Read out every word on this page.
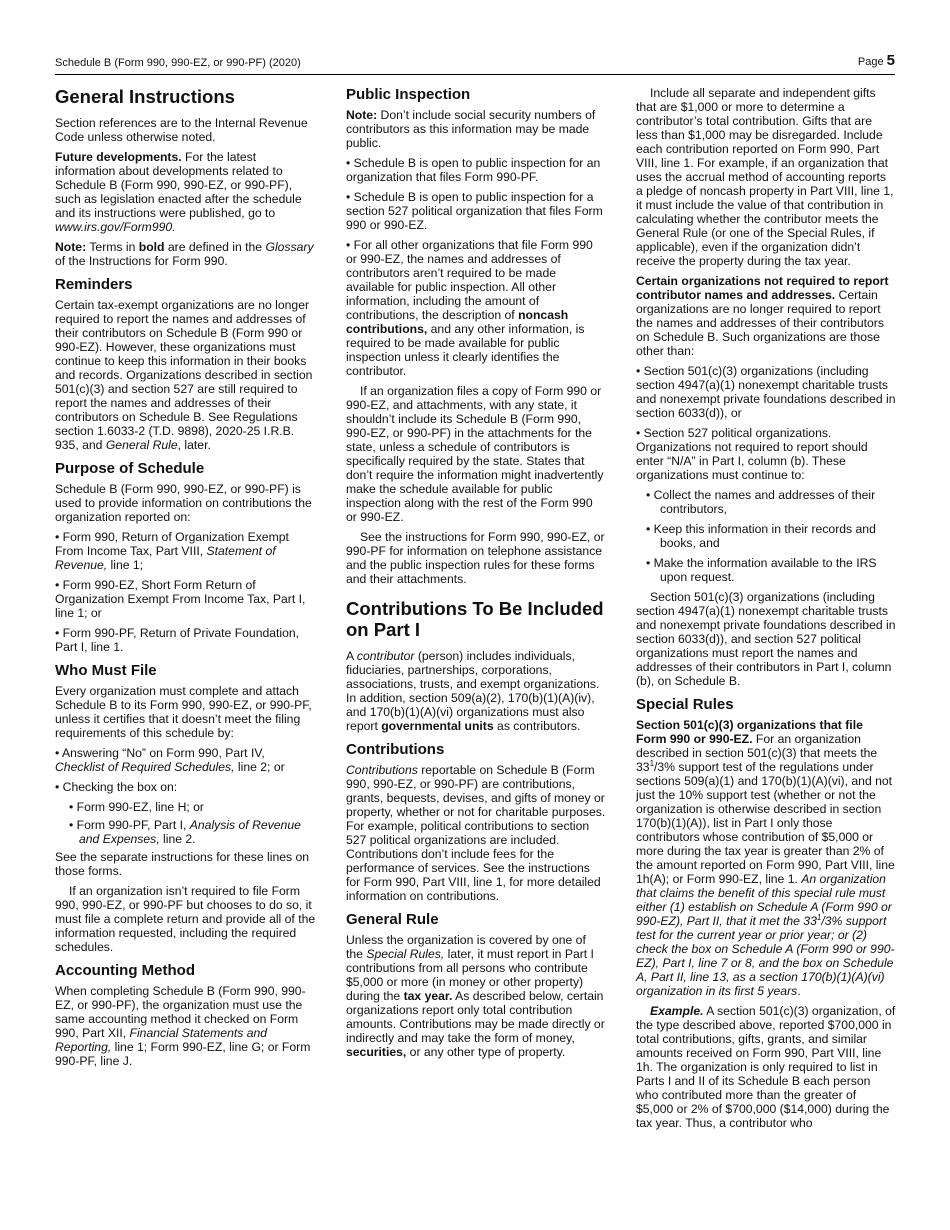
Schedule B (Form 990, 990-EZ, or 990-PF) (2020)	Page 5
General Instructions

Section references are to the Internal Revenue Code unless otherwise noted.

Future developments. For the latest information about developments related to Schedule B (Form 990, 990-EZ, or 990-PF), such as legislation enacted after the schedule and its instructions were published, go to www.irs.gov/Form990.

Note: Terms in bold are defined in the Glossary of the Instructions for Form 990.

Reminders

Certain tax-exempt organizations are no longer required to report the names and addresses of their contributors on Schedule B (Form 990 or 990-EZ). However, these organizations must continue to keep this information in their books and records. Organizations described in section 501(c)(3) and section 527 are still required to report the names and addresses of their contributors on Schedule B. See Regulations section 1.6033-2 (T.D. 9898), 2020-25 I.R.B. 935, and General Rule, later.

Purpose of Schedule

Schedule B (Form 990, 990-EZ, or 990-PF) is used to provide information on contributions the organization reported on:

• Form 990, Return of Organization Exempt From Income Tax, Part VIII, Statement of Revenue, line 1;

• Form 990-EZ, Short Form Return of Organization Exempt From Income Tax, Part I, line 1; or

• Form 990-PF, Return of Private Foundation, Part I, line 1.

Who Must File

Every organization must complete and attach Schedule B to its Form 990, 990-EZ, or 990-PF, unless it certifies that it doesn’t meet the filing requirements of this schedule by:

• Answering “No” on Form 990, Part IV, Checklist of Required Schedules, line 2; or

• Checking the box on:

• Form 990-EZ, line H; or

• Form 990-PF, Part I, Analysis of Revenue and Expenses, line 2.

See the separate instructions for these lines on those forms.

If an organization isn’t required to file Form 990, 990-EZ, or 990-PF but chooses to do so, it must file a complete return and provide all of the information requested, including the required schedules.

Accounting Method

When completing Schedule B (Form 990, 990-EZ, or 990-PF), the organization must use the same accounting method it checked on Form 990, Part XII, Financial Statements and Reporting, line 1; Form 990-EZ, line G; or Form 990-PF, line J.

Public Inspection

Note: Don’t include social security numbers of contributors as this information may be made public.

• Schedule B is open to public inspection for an organization that files Form 990-PF.

• Schedule B is open to public inspection for a section 527 political organization that files Form 990 or 990-EZ.

• For all other organizations that file Form 990 or 990-EZ, the names and addresses of contributors aren’t required to be made available for public inspection. All other information, including the amount of contributions, the description of noncash contributions, and any other information, is required to be made available for public inspection unless it clearly identifies the contributor.

If an organization files a copy of Form 990 or 990-EZ, and attachments, with any state, it shouldn’t include its Schedule B (Form 990, 990-EZ, or 990-PF) in the attachments for the state, unless a schedule of contributors is specifically required by the state. States that don’t require the information might inadvertently make the schedule available for public inspection along with the rest of the Form 990 or 990-EZ.

See the instructions for Form 990, 990-EZ, or 990-PF for information on telephone assistance and the public inspection rules for these forms and their attachments.

Contributions To Be Included on Part I

A contributor (person) includes individuals, fiduciaries, partnerships, corporations, associations, trusts, and exempt organizations. In addition, section 509(a)(2), 170(b)(1)(A)(iv), and 170(b)(1)(A)(vi) organizations must also report governmental units as contributors.

Contributions

Contributions reportable on Schedule B (Form 990, 990-EZ, or 990-PF) are contributions, grants, bequests, devises, and gifts of money or property, whether or not for charitable purposes. For example, political contributions to section 527 political organizations are included. Contributions don’t include fees for the performance of services. See the instructions for Form 990, Part VIII, line 1, for more detailed information on contributions.

General Rule

Unless the organization is covered by one of the Special Rules, later, it must report in Part I contributions from all persons who contribute $5,000 or more (in money or other property) during the tax year. As described below, certain organizations report only total contribution amounts. Contributions may be made directly or indirectly and may take the form of money, securities, or any other type of property.

Include all separate and independent gifts that are $1,000 or more to determine a contributor’s total contribution. Gifts that are less than $1,000 may be disregarded. Include each contribution reported on Form 990, Part VIII, line 1. For example, if an organization that uses the accrual method of accounting reports a pledge of noncash property in Part VIII, line 1, it must include the value of that contribution in calculating whether the contributor meets the General Rule (or one of the Special Rules, if applicable), even if the organization didn’t receive the property during the tax year.

Certain organizations not required to report contributor names and addresses. Certain organizations are no longer required to report the names and addresses of their contributors on Schedule B. Such organizations are those other than:

• Section 501(c)(3) organizations (including section 4947(a)(1) nonexempt charitable trusts and nonexempt private foundations described in section 6033(d)), or

• Section 527 political organizations.

Organizations not required to report should enter “N/A” in Part I, column (b). These organizations must continue to:

• Collect the names and addresses of their contributors,

• Keep this information in their records and books, and

• Make the information available to the IRS upon request.

Section 501(c)(3) organizations (including section 4947(a)(1) nonexempt charitable trusts and nonexempt private foundations described in section 6033(d)), and section 527 political organizations must report the names and addresses of their contributors in Part I, column (b), on Schedule B.

Special Rules

Section 501(c)(3) organizations that file Form 990 or 990-EZ. For an organization described in section 501(c)(3) that meets the $33^1/3\%$ support test of the regulations under sections 509(a)(1) and 170(b)(1)(A)(vi), and not just the 10% support test (whether or not the organization is otherwise described in section 170(b)(1)(A)), list in Part I only those contributors whose contribution of $5,000 or more during the tax year is greater than 2% of the amount reported on Form 990, Part VIII, line 1h(A); or Form 990-EZ, line 1. An organization that claims the benefit of this special rule must either (1) establish on Schedule A (Form 990 or 990-EZ), Part II, that it met the $33^1/3\%$ support test for the current year or prior year; or (2) check the box on Schedule A (Form 990 or 990-EZ), Part I, line 7 or 8, and the box on Schedule A, Part II, line 13, as a section 170(b)(1)(A)(vi) organization in its first 5 years.

Example. A section 501(c)(3) organization, of the type described above, reported $700,000 in total contributions, gifts, grants, and similar amounts received on Form 990, Part VIII, line 1h. The organization is only required to list in Parts I and II of its Schedule B each person who contributed more than the greater of $5,000 or 2% of $700,000 ($14,000) during the tax year. Thus, a contributor who
